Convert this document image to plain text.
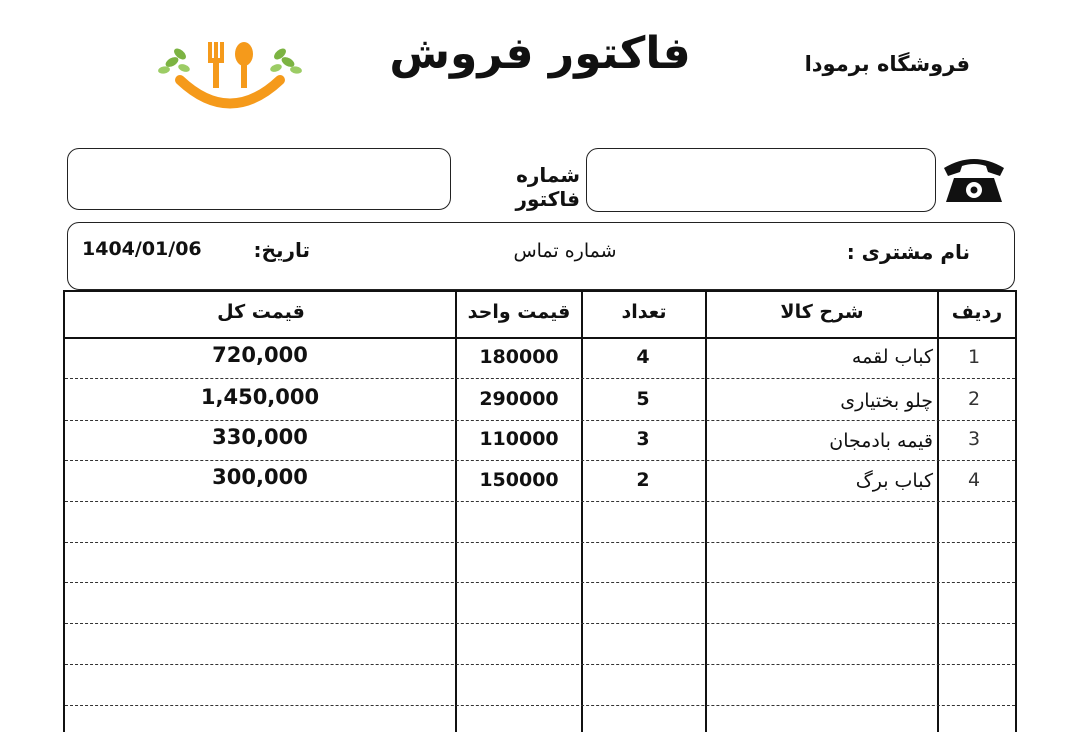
فاکتور فروش	فروشگاه برمودا
شماره فاکتور
نام مشتری :
شماره تماس
تاریخ:
1404/01/06
ردیف
شرح کالا
تعداد
قیمت واحد
قیمت کل
1
کباب لقمه
4
180000
720,000
2
چلو بختیاری
5
290000
1,450,000
3
قیمه بادمجان
3
110000
330,000
4
کباب برگ
2
150000
300,000
